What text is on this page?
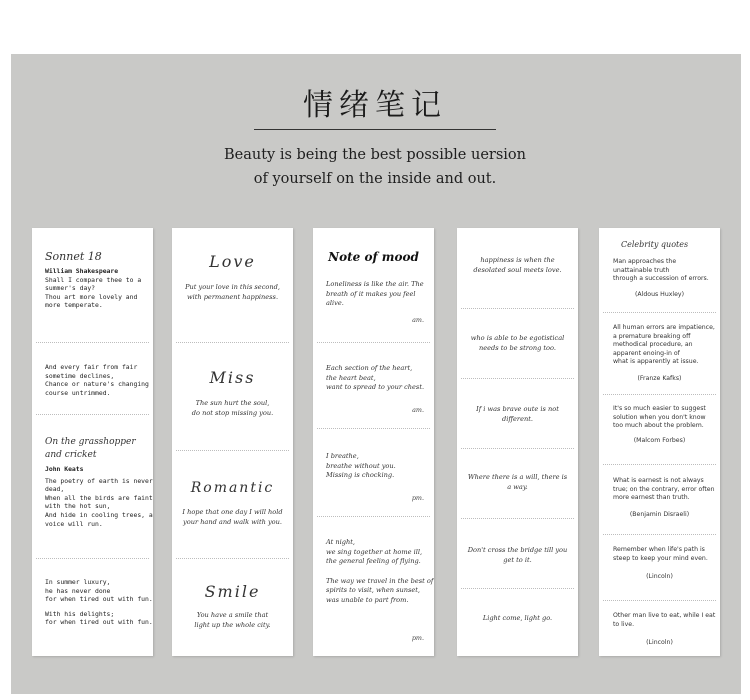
情绪笔记
Beauty is being the best possible uersion
of yourself on the inside and out.
Sonnet 18
William Shakespeare
Shall I compare thee to a
summer's day?
Thou art more lovely and
more temperate.
And every fair from fair
sometime declines,
Chance or nature's changing
course untrimmed.
On the grasshopper
and cricket
John Keats
The poetry of earth is never
dead,
When all the birds are faint
with the hot sun,
And hide in cooling trees, a
voice will run.
In summer luxury,
he has never done
for when tired out with fun.
With his delights;
for when tired out with fun.
Love
Put your love in this second,
with permanent happiness.
Miss
The sun hurt the soul,
do not stop missing you.
Romantic
I hope that one day I will hold
your hand and walk with you.
Smile
You have a smile that
light up the whole city.
Note of mood
Loneliness is like the air. The
breath of it makes you feel alive.
am.
Each section of the heart,
the heart beat,
want to spread to your chest.
am.
I breathe,
breathe without you.
Missing is chocking.
pm.
At night,
we sing together at home ill,
the general feeling of flying.
The way we travel in the best of
spirits to visit, when sunset,
was unable to part from.
pm.
happiness is when the
desolated soul meets love.
who is able to be egotistical
needs to be strong too.
If i was brave oute is not
different.
Where there is a will, there is
a way.
Don't cross the bridge till you
get to it.
Light come, light go.
Celebrity quotes
Man approaches the
unattainable truth
through a succession of errors.
(Aldous Huxley)
All human errors are impatience,
a premature breaking off
methodical procedure, an
apparent enoing-in of
what is apparently at issue.
(Franze Kafks)
It's so much easier to suggest
solution when you don't know
too much about the problem.
(Malcom Forbes)
What is earnest is not always
true; on the contrary, error often
more earnest than truth.
(Benjamin Disraeli)
Remember when life's path is
steep to keep your mind even.
(Lincoln)
Other man live to eat, while I eat
to live.
(Lincoln)
